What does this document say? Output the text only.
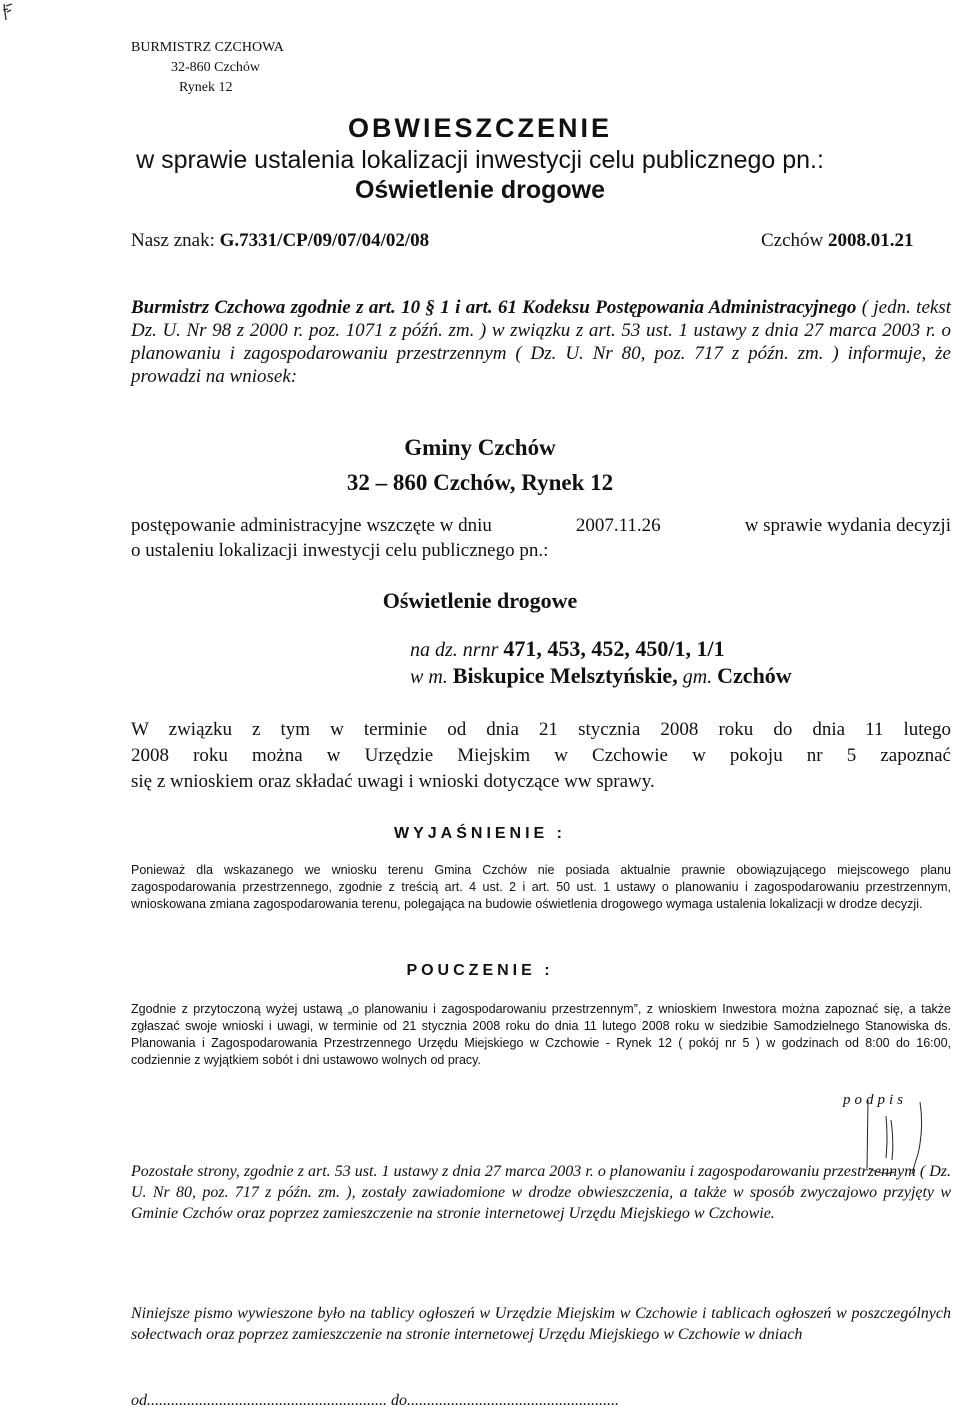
BURMISTRZ CZCHOWA
32-860 Czchów
Rynek 12
OBWIESZCZENIE
w sprawie ustalenia lokalizacji inwestycji celu publicznego pn.:
Oświetlenie drogowe
Nasz znak: G.7331/CP/09/07/04/02/08	Czchów 2008.01.21
Burmistrz Czchowa zgodnie z art. 10 § 1 i art. 61 Kodeksu Postępowania Administracyjnego ( jedn. tekst Dz. U. Nr 98 z 2000 r. poz. 1071 z późń. zm. ) w związku z art. 53 ust. 1 ustawy z dnia 27 marca 2003 r. o planowaniu i zagospodarowaniu przestrzennym ( Dz. U. Nr 80, poz. 717 z późn. zm. ) informuje, że prowadzi na wniosek:
Gminy Czchów
32 – 860 Czchów, Rynek 12
postępowanie administracyjne wszczęte w dniu	2007.11.26	w sprawie wydania decyzji
o ustaleniu lokalizacji inwestycji celu publicznego pn.:
Oświetlenie drogowe
na dz. nrnr 471, 453, 452, 450/1, 1/1
w m. Biskupice Melsztyńskie, gm. Czchów
W związku z tym w terminie od dnia 21 stycznia 2008 roku do dnia 11 lutego
2008 roku można w Urzędzie Miejskim w Czchowie w pokoju nr 5 zapoznać
się z wnioskiem oraz składać uwagi i wnioski dotyczące ww sprawy.
WYJAŚNIENIE :
Ponieważ dla wskazanego we wniosku terenu Gmina Czchów nie posiada aktualnie prawnie obowiązującego miejscowego planu zagospodarowania przestrzennego, zgodnie z treścią art. 4 ust. 2 i art. 50 ust. 1 ustawy o planowaniu i zagospodarowaniu przestrzennym, wnioskowana zmiana zagospodarowania terenu, polegająca na budowie oświetlenia drogowego wymaga ustalenia lokalizacji w drodze decyzji.
POUCZENIE :
Zgodnie z przytoczoną wyżej ustawą „o planowaniu i zagospodarowaniu przestrzennym”, z wnioskiem Inwestora można zapoznać się, a także zgłaszać swoje wnioski i uwagi, w terminie od 21 stycznia 2008 roku do dnia 11 lutego 2008 roku w siedzibie Samodzielnego Stanowiska ds. Planowania i Zagospodarowania Przestrzennego Urzędu Miejskiego w Czchowie - Rynek 12 ( pokój nr 5 ) w godzinach od 8:00 do 16:00, codziennie z wyjątkiem sobót i dni ustawowo wolnych od pracy.
podpis
Pozostałe strony, zgodnie z art. 53 ust. 1 ustawy z dnia 27 marca 2003 r. o planowaniu i zagospodarowaniu przestrzennym ( Dz. U. Nr 80, poz. 717 z późn. zm. ), zostały zawiadomione w drodze obwieszczenia, a także w sposób zwyczajowo przyjęty w Gminie Czchów oraz poprzez zamieszczenie na stronie internetowej Urzędu Miejskiego w Czchowie.
Niniejsze pismo wywieszone było na tablicy ogłoszeń w Urzędzie Miejskim w Czchowie i tablicach ogłoszeń w poszczególnych sołectwach oraz poprzez zamieszczenie na stronie internetowej Urzędu Miejskiego w Czchowie w dniach
od............................................................ do.....................................................
